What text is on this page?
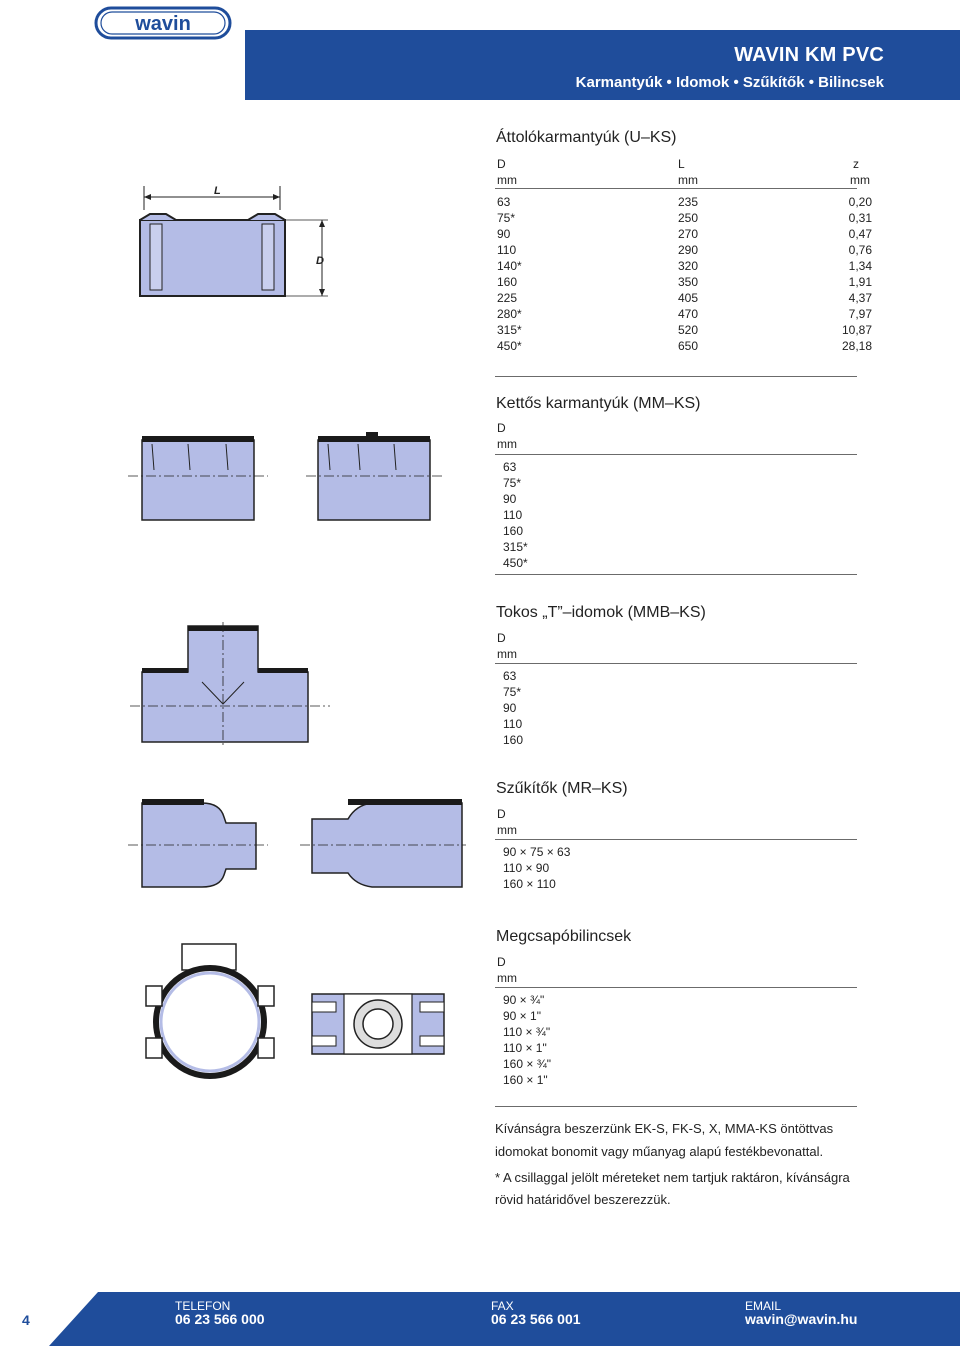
wavin
WAVIN KM PVC
Karmantyúk • Idomok • Szűkítők • Bilincsek
Áttolókarmantyúk (U–KS)
D	L	z
mm	mm	mm
63	235	0,20
75*	250	0,31
90	270	0,47
110	290	0,76
140*	320	1,34
160	350	1,91
225	405	4,37
280*	470	7,97
315*	520	10,87
450*	650	28,18
L
D
Kettős karmantyúk (MM–KS)
D
mm
63
75*
90
110
160
315*
450*
Tokos „T”–idomok (MMB–KS)
D
mm
63
75*
90
110
160
Szűkítők (MR–KS)
D
mm
90 × 75 × 63
110 × 90
160 × 110
Megcsapóbilincsek
D
mm
90 × ¾"
90 × 1"
110 × ¾"
110 × 1"
160 × ¾"
160 × 1"
Kívánságra beszerzünk EK-S, FK-S, X, MMA-KS öntöttvas
idomokat bonomit vagy műanyag alapú festékbevonattal.
* A csillaggal jelölt méreteket nem tartjuk raktáron, kívánságra
rövid határidővel beszerezzük.
4
TELEFON
06 23 566 000
FAX
06 23 566 001
EMAIL
wavin@wavin.hu
